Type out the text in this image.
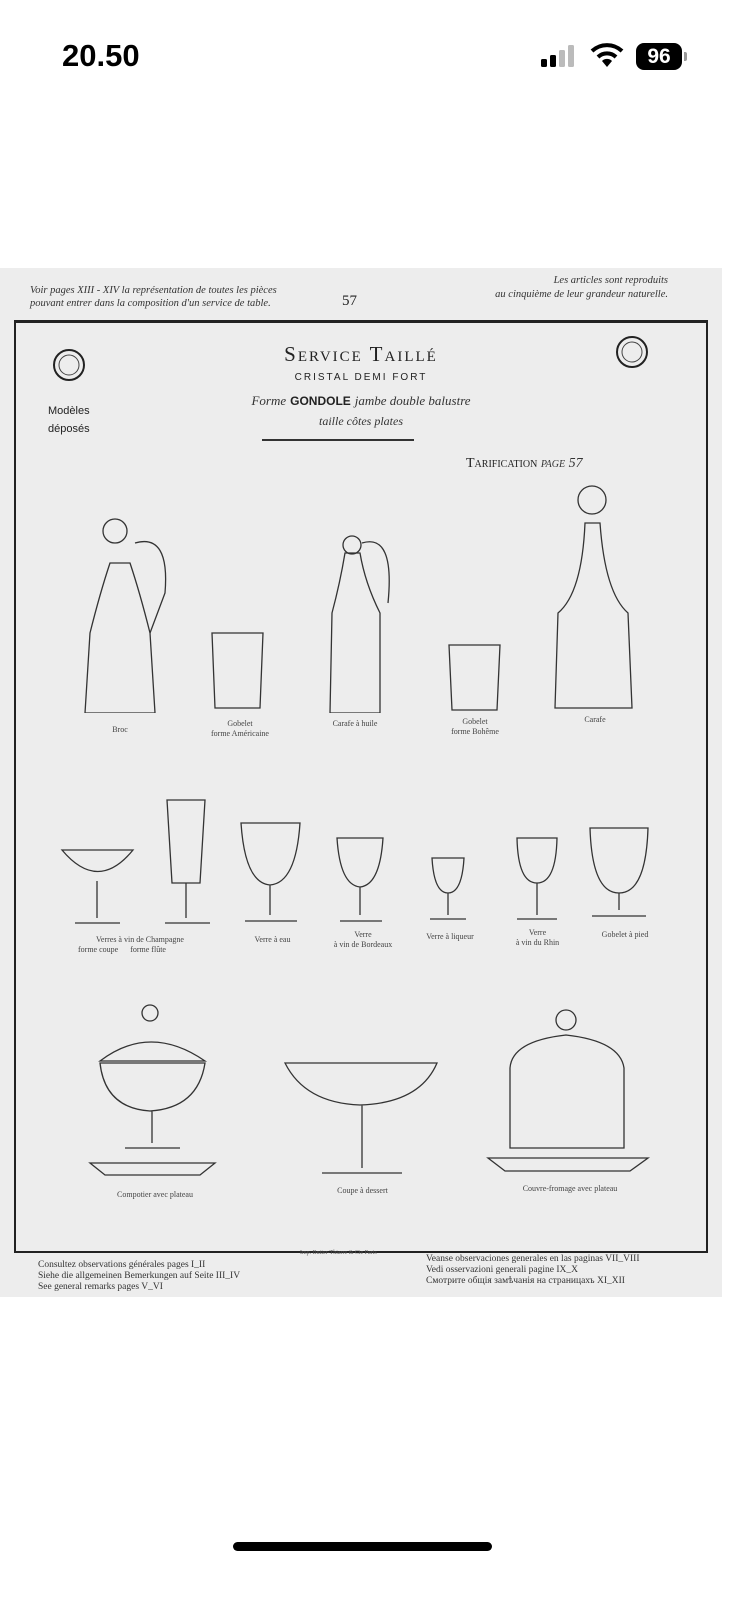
20.50	96
Voir pages XIII - XIV la représentation de toutes les pièces
pouvant entrer dans la composition d'un service de table.	57
Les articles sont reproduits
au cinquième de leur grandeur naturelle.
Service Taillé
CRISTAL DEMI FORT
Forme GONDOLE jambe double balustre
taille côtes plates
Modèles
déposés
Tarification page 57
Broc
Gobelet
forme Américaine
Carafe à huile	Gobelet
forme Bohême
Carafe
Verres à vin de Champagne
forme coupe      forme flûte
Verre à eau
Verre
à vin de Bordeaux
Verre à liqueur	Verre
à vin du Rhin
Gobelet à pied
Compotier avec plateau	Coupe à dessert	Couvre-fromage avec plateau
Imp. Butter-Thiarre & Cie Paris
Consultez observations générales pages I_II
Siehe die allgemeinen Bemerkungen auf Seite III_IV
See general remarks pages V_VI
Veanse observaciones generales en las paginas VII_VIII
Vedi osservazioni generali pagine IX_X
Смотрите общія замѣчанія на страницахъ XI_XII
